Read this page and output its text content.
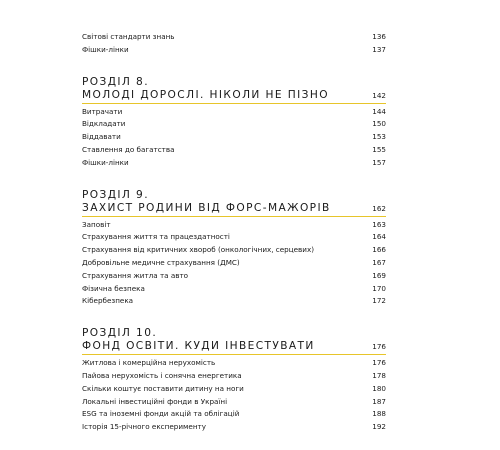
Світові стандарти знань	136
Фішки-лінки	137
РОЗДІЛ 8.
МОЛОДІ ДОРОСЛІ. НІКОЛИ НЕ ПІЗНО	142
Витрачати	144
Відкладати	150
Віддавати	153
Ставлення до багатства	155
Фішки-лінки	157
РОЗДІЛ 9.
ЗАХИСТ РОДИНИ ВІД ФОРС-МАЖОРІВ	162
Заповіт	163
Страхування життя та працездатності	164
Страхування від критичних хвороб (онкологічних, серцевих)	166
Добровільне медичне страхування (ДМС)	167
Страхування житла та авто	169
Фізична безпека	170
Кібербезпека	172
РОЗДІЛ 10.
ФОНД ОСВІТИ. КУДИ ІНВЕСТУВАТИ	176
Житлова і комерційна нерухомість	176
Пайова нерухомість і сонячна енергетика	178
Скільки коштує поставити дитину на ноги	180
Локальні інвестиційні фонди в Україні	187
ESG та іноземні фонди акцій та облігацій	188
Історія 15-річного експерименту	192
